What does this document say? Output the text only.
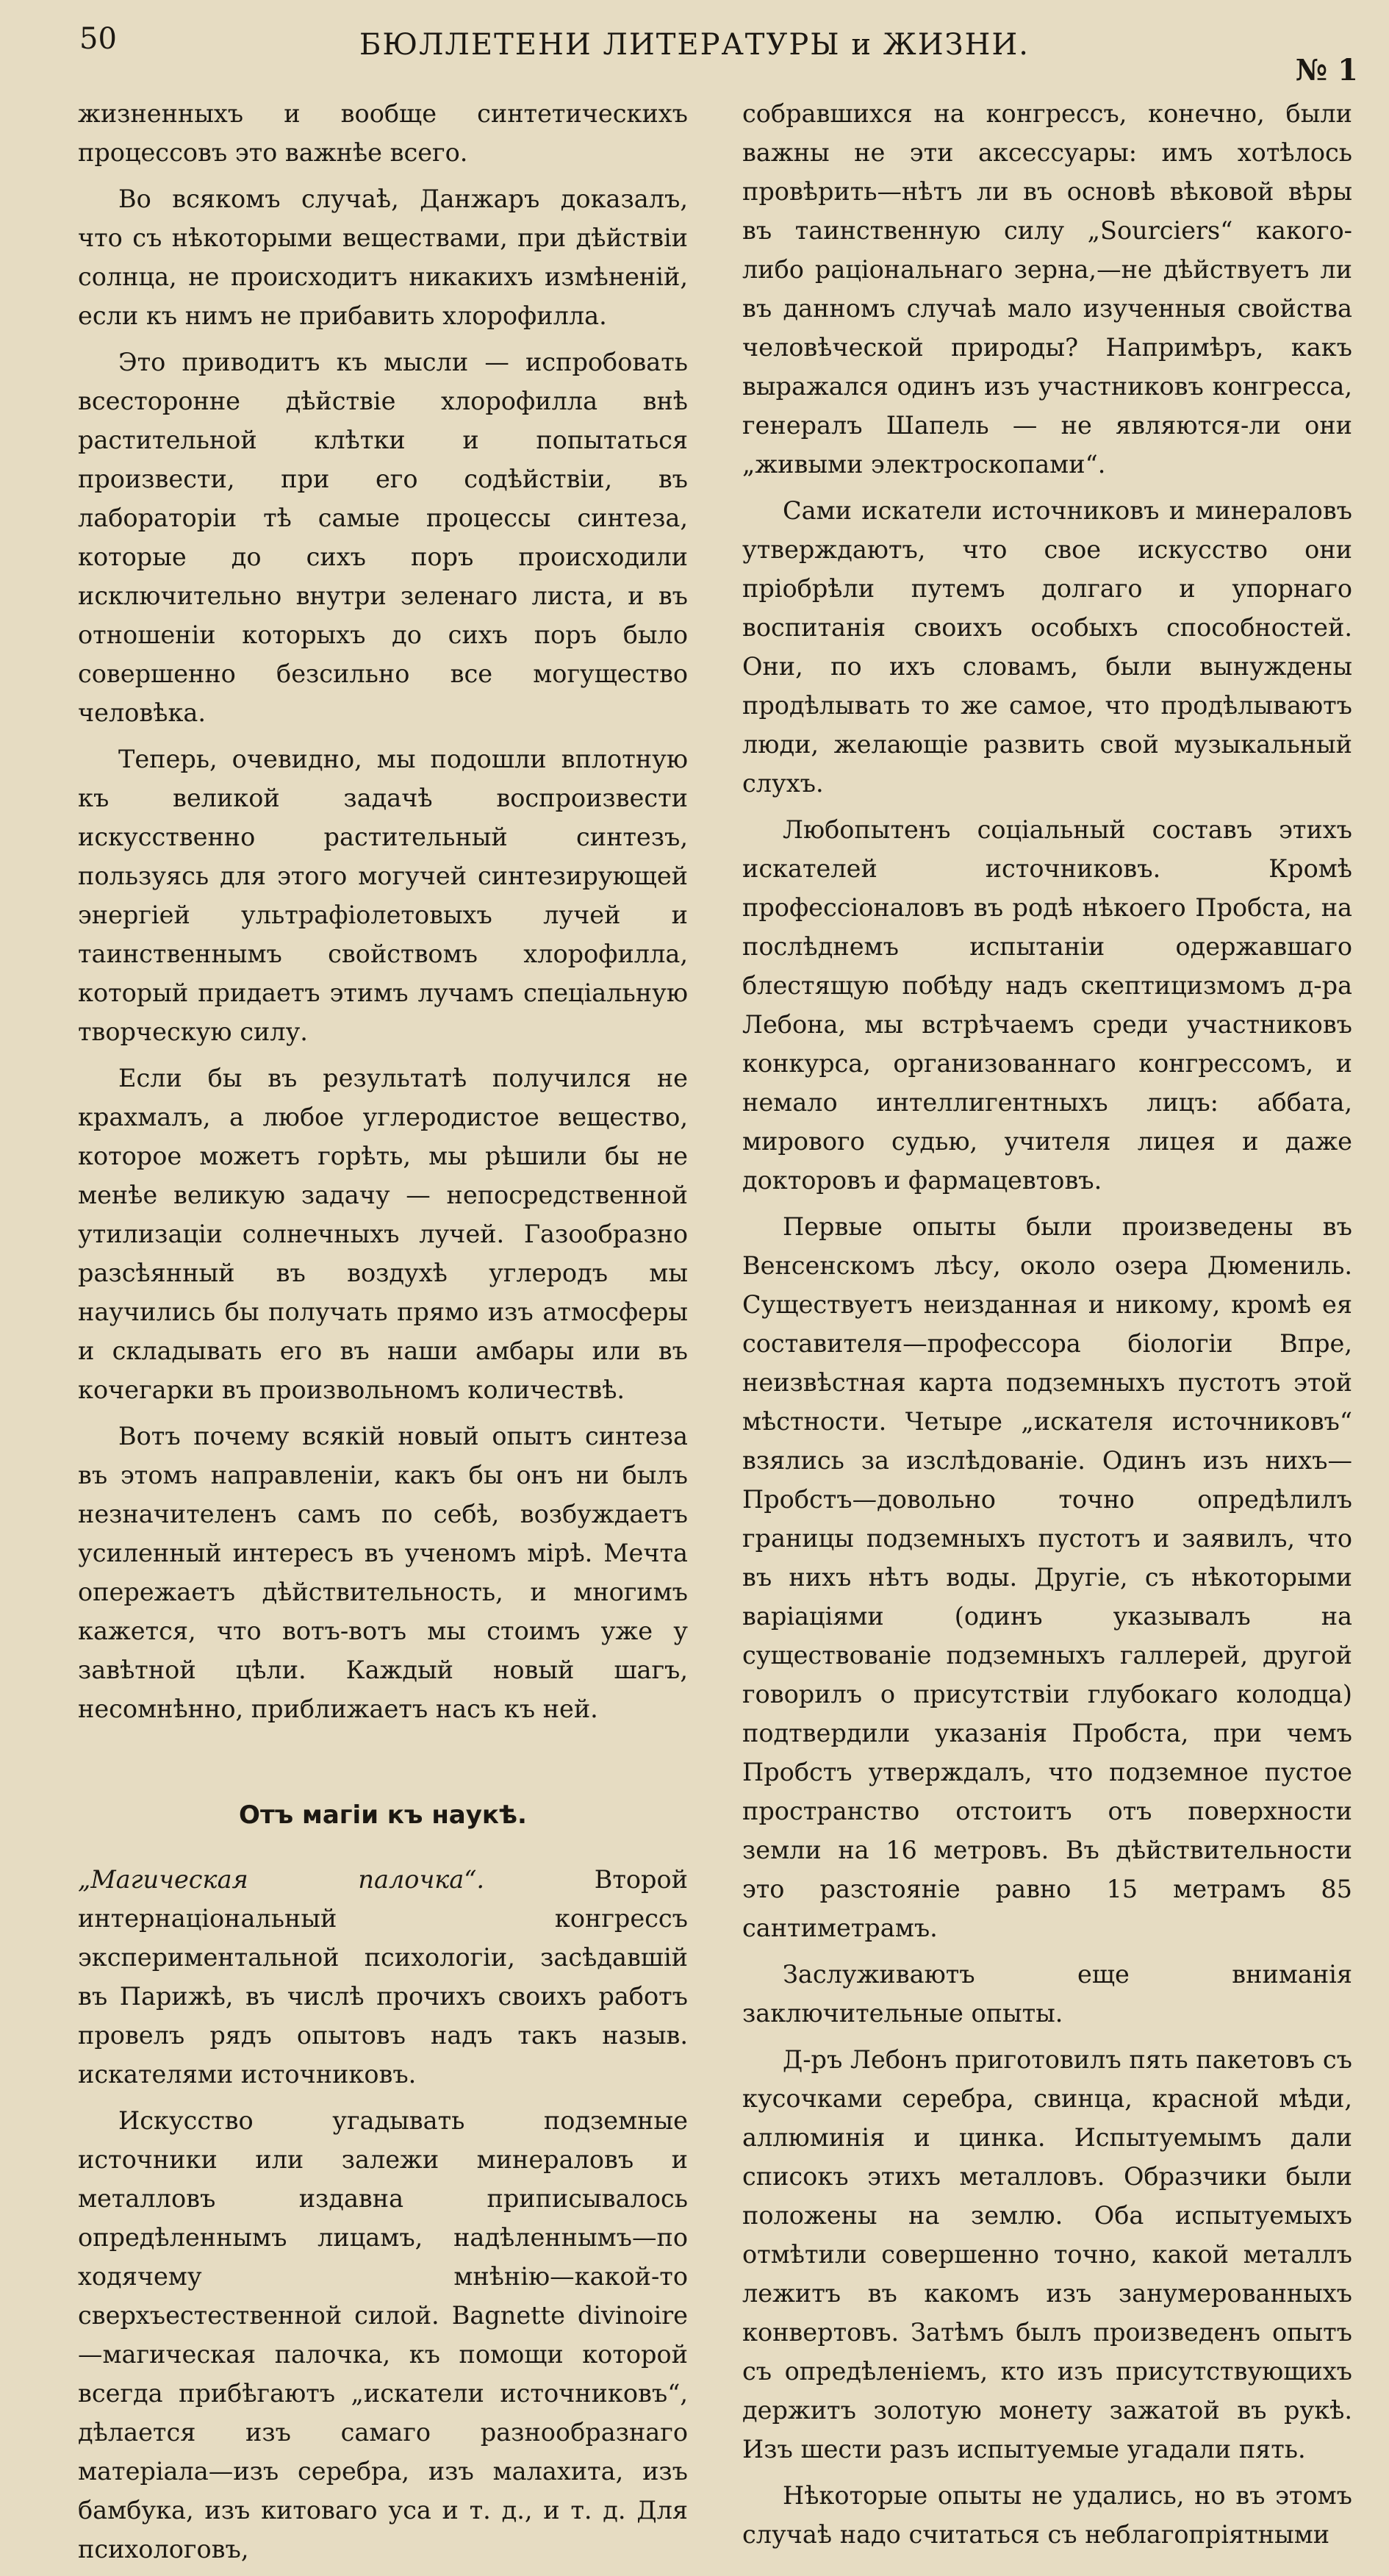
50	БЮЛЛЕТЕНИ ЛИТЕРАТУРЫ и ЖИЗНИ.
№ 1

жизненныхъ и вообще синтетическихъ процессовъ это важнѣе всего.

Во всякомъ случаѣ, Данжаръ доказалъ, что съ нѣкоторыми веществами, при дѣйствіи солнца, не происходитъ никакихъ измѣненій, если къ нимъ не прибавить хлорофилла.

Это приводитъ къ мысли — испробовать всесторонне дѣйствіе хлорофилла внѣ растительной клѣтки и попытаться произвести, при его содѣйствіи, въ лабораторіи тѣ самые процессы синтеза, которые до сихъ поръ происходили исключительно внутри зеленаго листа, и въ отношеніи которыхъ до сихъ поръ было совершенно безсильно все могущество человѣка.

Теперь, очевидно, мы подошли вплотную къ великой задачѣ воспроизвести искусственно растительный синтезъ, пользуясь для этого могучей синтезирующей энергіей ультрафіолетовыхъ лучей и таинственнымъ свойствомъ хлорофилла, который придаетъ этимъ лучамъ спеціальную творческую силу.

Если бы въ результатѣ получился не крахмалъ, а любое углеродистое вещество, которое можетъ горѣть, мы рѣшили бы не менѣе великую задачу — непосредственной утилизаціи солнечныхъ лучей. Газообразно разсѣянный въ воздухѣ углеродъ мы научились бы получать прямо изъ атмосферы и складывать его въ наши амбары или въ кочегарки въ произвольномъ количествѣ.

Вотъ почему всякій новый опытъ синтеза въ этомъ направленіи, какъ бы онъ ни былъ незначителенъ самъ по себѣ, возбуждаетъ усиленный интересъ въ ученомъ мірѣ. Мечта опережаетъ дѣйствительность, и многимъ кажется, что вотъ-вотъ мы стоимъ уже у завѣтной цѣли. Каждый новый шагъ, несомнѣнно, приближаетъ насъ къ ней.

Отъ магіи къ наукѣ.

„Магическая палочка“. Второй интернаціональный конгрессъ экспериментальной психологіи, засѣдавшій въ Парижѣ, въ числѣ прочихъ своихъ работъ провелъ рядъ опытовъ надъ такъ назыв. искателями источниковъ.

Искусство угадывать подземные источники или залежи минераловъ и металловъ издавна приписывалось опредѣленнымъ лицамъ, надѣленнымъ—по ходячему мнѣнію—какой-то сверхъестественной силой. Bagnette divinoire—магическая палочка, къ помощи которой всегда прибѣгаютъ „искатели источниковъ“, дѣлается изъ самаго разнообразнаго матеріала—изъ серебра, изъ малахита, изъ бамбука, изъ китоваго уса и т. д., и т. д. Для психологовъ,

собравшихся на конгрессъ, конечно, были важны не эти аксессуары: имъ хотѣлось провѣрить—нѣтъ ли въ основѣ вѣковой вѣры въ таинственную силу „Sourciers“ какого-либо раціональнаго зерна,—не дѣйствуетъ ли въ данномъ случаѣ мало изученныя свойства человѣческой природы? Напримѣръ, какъ выражался одинъ изъ участниковъ конгресса, генералъ Шапель — не являются-ли они „живыми электроскопами“.

Сами искатели источниковъ и минераловъ утверждаютъ, что свое искусство они пріобрѣли путемъ долгаго и упорнаго воспитанія своихъ особыхъ способностей. Они, по ихъ словамъ, были вынуждены продѣлывать то же самое, что продѣлываютъ люди, желающіе развить свой музыкальный слухъ.

Любопытенъ соціальный составъ этихъ искателей источниковъ. Кромѣ профессіоналовъ въ родѣ нѣкоего Пробста, на послѣднемъ испытаніи одержавшаго блестящую побѣду надъ скептицизмомъ д-ра Лебона, мы встрѣчаемъ среди участниковъ конкурса, организованнаго конгрессомъ, и немало интеллигентныхъ лицъ: аббата, мирового судью, учителя лицея и даже докторовъ и фармацевтовъ.

Первые опыты были произведены въ Венсенскомъ лѣсу, около озера Дюмениль. Существуетъ неизданная и никому, кромѣ ея составителя—профессора біологіи Впре, неизвѣстная карта подземныхъ пустотъ этой мѣстности. Четыре „искателя источниковъ“ взялись за изслѣдованіе. Одинъ изъ нихъ—Пробстъ—довольно точно опредѣлилъ границы подземныхъ пустотъ и заявилъ, что въ нихъ нѣтъ воды. Другіе, съ нѣкоторыми варіаціями (одинъ указывалъ на существованіе подземныхъ галлерей, другой говорилъ о присутствіи глубокаго колодца) подтвердили указанія Пробста, при чемъ Пробстъ утверждалъ, что подземное пустое пространство отстоитъ отъ поверхности земли на 16 метровъ. Въ дѣйствительности это разстояніе равно 15 метрамъ 85 сантиметрамъ.

Заслуживаютъ еще вниманія заключительные опыты.

Д-ръ Лебонъ приготовилъ пять пакетовъ съ кусочками серебра, свинца, красной мѣди, аллюминія и цинка. Испытуемымъ дали списокъ этихъ металловъ. Образчики были положены на землю. Оба испытуемыхъ отмѣтили совершенно точно, какой металлъ лежитъ въ какомъ изъ занумерованныхъ конвертовъ. Затѣмъ былъ произведенъ опытъ съ опредѣленіемъ, кто изъ присутствующихъ держитъ золотую монету зажатой въ рукѣ. Изъ шести разъ испытуемые угадали пять.

Нѣкоторые опыты не удались, но въ этомъ случаѣ надо считаться съ неблагопріятными
